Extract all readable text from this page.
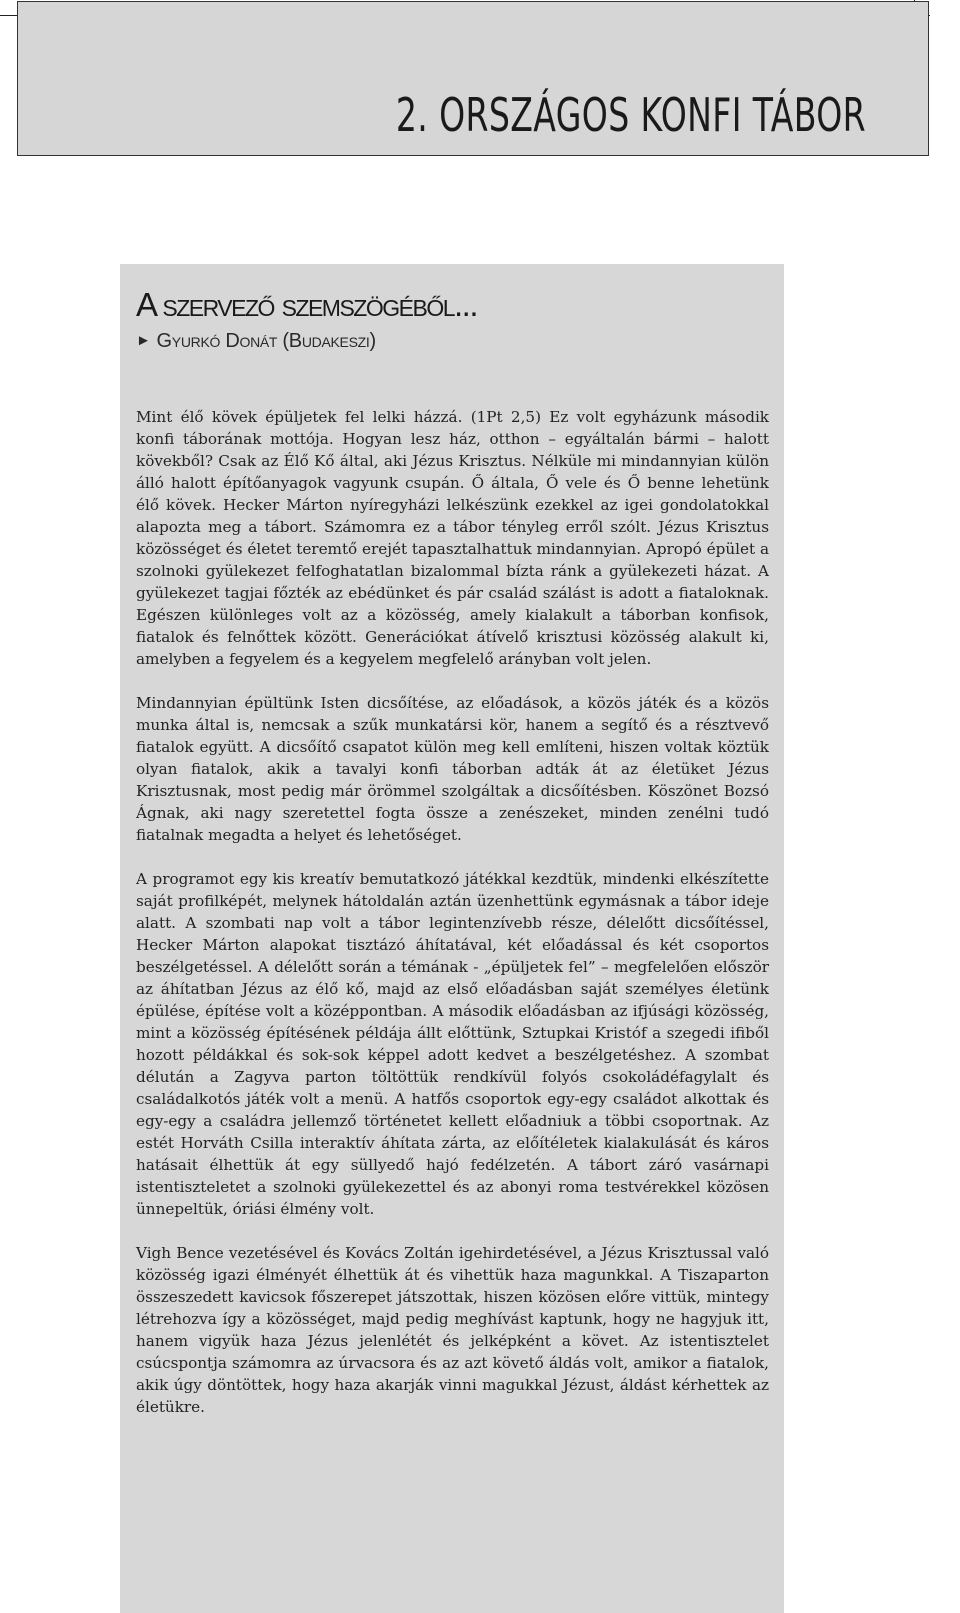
2. ORSZÁGOS KONFI TÁBOR
A szervező szemszögéből...
► Gyurkó Donát (Budakeszi)

Mint élő kövek épüljetek fel lelki házzá. (1Pt 2,5) Ez volt egyházunk második konfi táborának mottója. Hogyan lesz ház, otthon – egyáltalán bármi – halott kövekből? Csak az Élő Kő által, aki Jézus Krisztus. Nélküle mi mindannyian külön álló halott építőanyagok vagyunk csupán. Ő általa, Ő vele és Ő benne lehetünk élő kövek. Hecker Márton nyíregyházi lelkészünk ezekkel az igei gondolatokkal alapozta meg a tábort. Számomra ez a tábor tényleg erről szólt. Jézus Krisztus közösséget és életet teremtő erejét tapasztalhattuk mindannyian. Apropó épület a szolnoki gyülekezet felfoghatatlan bizalommal bízta ránk a gyülekezeti házat. A gyülekezet tagjai főzték az ebédünket és pár család szálást is adott a fiataloknak. Egészen különleges volt az a közösség, amely kialakult a táborban konfisok, fiatalok és felnőttek között. Generációkat átívelő krisztusi közösség alakult ki, amelyben a fegyelem és a kegyelem megfelelő arányban volt jelen.

Mindannyian épültünk Isten dicsőítése, az előadások, a közös játék és a közös munka által is, nemcsak a szűk munkatársi kör, hanem a segítő és a résztvevő fiatalok együtt. A dicsőítő csapatot külön meg kell említeni, hiszen voltak köztük olyan fiatalok, akik a tavalyi konfi táborban adták át az életüket Jézus Krisztusnak, most pedig már örömmel szolgáltak a dicsőítésben. Köszönet Bozsó Ágnak, aki nagy szeretettel fogta össze a zenészeket, minden zenélni tudó fiatalnak megadta a helyet és lehetőséget.

A programot egy kis kreatív bemutatkozó játékkal kezdtük, mindenki elkészítette saját profilképét, melynek hátoldalán aztán üzenhettünk egymásnak a tábor ideje alatt. A szombati nap volt a tábor legintenzívebb része, délelőtt dicsőítéssel, Hecker Márton alapokat tisztázó áhítatával, két előadással és két csoportos beszélgetéssel. A délelőtt során a témának - „épüljetek fel” – megfelelően először az áhítatban Jézus az élő kő, majd az első előadásban saját személyes életünk épülése, építése volt a középpontban. A második előadásban az ifjúsági közösség, mint a közösség építésének példája állt előttünk, Sztupkai Kristóf a szegedi ifiből hozott példákkal és sok-sok képpel adott kedvet a beszélgetéshez. A szombat délután a Zagyva parton töltöttük rendkívül folyós csokoládéfagylalt és családalkotós játék volt a menü. A hatfős csoportok egy-egy családot alkottak és egy-egy a családra jellemző történetet kellett előadniuk a többi csoportnak. Az estét Horváth Csilla interaktív áhítata zárta, az előítéletek kialakulását és káros hatásait élhettük át egy süllyedő hajó fedélzetén. A tábort záró vasárnapi istentiszteletet a szolnoki gyülekezettel és az abonyi roma testvérekkel közösen ünnepeltük, óriási élmény volt.

Vigh Bence vezetésével és Kovács Zoltán igehirdetésével, a Jézus Krisztussal való közösség igazi élményét élhettük át és vihettük haza magunkkal. A Tiszaparton összeszedett kavicsok főszerepet játszottak, hiszen közösen előre vittük, mintegy létrehozva így a közösséget, majd pedig meghívást kaptunk, hogy ne hagyjuk itt, hanem vigyük haza Jézus jelenlétét és jelképként a követ. Az istentisztelet csúcspontja számomra az úrvacsora és az azt követő áldás volt, amikor a fiatalok, akik úgy döntöttek, hogy haza akarják vinni magukkal Jézust, áldást kérhettek az életükre.
